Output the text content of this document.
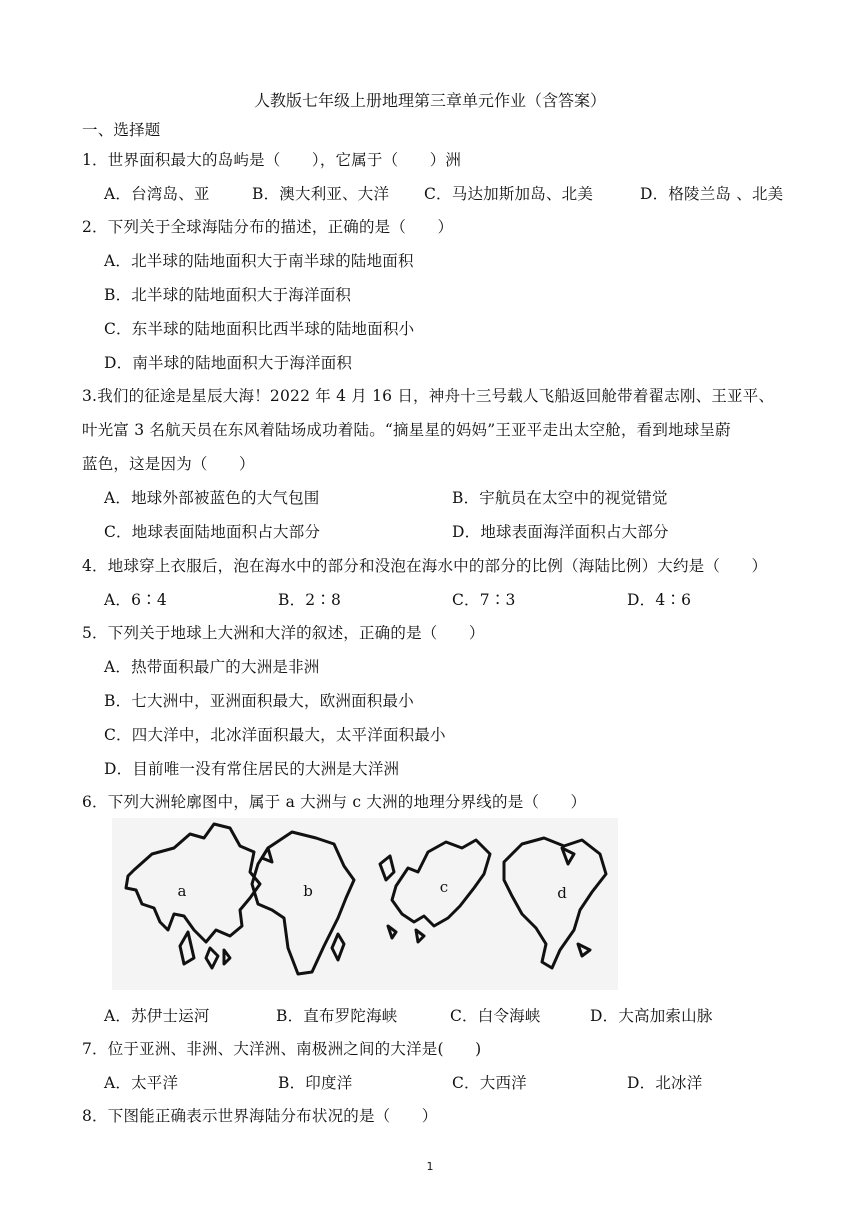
人教版七年级上册地理第三章单元作业（含答案）
一、选择题
1．世界面积最大的岛屿是（　　），它属于（　　）洲
A．台湾岛、亚	B．澳大利亚、大洋 C．马达加斯加岛、北美	D．格陵兰岛 、北美
2．下列关于全球海陆分布的描述，正确的是（　　）
A．北半球的陆地面积大于南半球的陆地面积
B．北半球的陆地面积大于海洋面积
C．东半球的陆地面积比西半球的陆地面积小
D．南半球的陆地面积大于海洋面积
3.我们的征途是星辰大海！2022 年 4 月 16 日，神舟十三号载人飞船返回舱带着翟志刚、王亚平、
叶光富 3 名航天员在东风着陆场成功着陆。“摘星星的妈妈”王亚平走出太空舱，看到地球呈蔚
蓝色，这是因为（　　）
A．地球外部被蓝色的大气包围	B．宇航员在太空中的视觉错觉
C．地球表面陆地面积占大部分	D．地球表面海洋面积占大部分
4．地球穿上衣服后，泡在海水中的部分和没泡在海水中的部分的比例（海陆比例）大约是（　　）
A．6∶4	B．2∶8	C．7∶3	D．4∶6
5．下列关于地球上大洲和大洋的叙述，正确的是（　　）
A．热带面积最广的大洲是非洲
B．七大洲中，亚洲面积最大，欧洲面积最小
C．四大洋中，北冰洋面积最大，太平洋面积最小
D．目前唯一没有常住居民的大洲是大洋洲
6．下列大洲轮廓图中，属于 a 大洲与 c 大洲的地理分界线的是（　　）
a	b	c	d
A．苏伊士运河	B．直布罗陀海峡	C．白令海峡	D．大高加索山脉
7．位于亚洲、非洲、大洋洲、南极洲之间的大洋是(　　)
A．太平洋	B．印度洋	C．大西洋	D．北冰洋
8．下图能正确表示世界海陆分布状况的是（　　）
1
